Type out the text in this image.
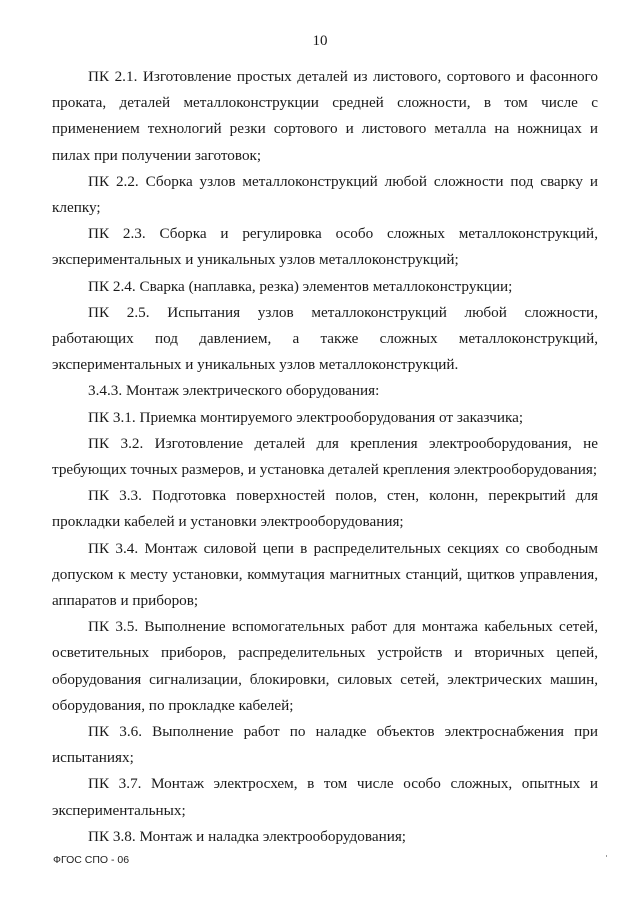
10

ПК 2.1. Изготовление простых деталей из листового, сортового и фасонного проката, деталей металлоконструкции средней сложности, в том числе с применением технологий резки сортового и листового металла на ножницах и пилах при получении заготовок;

ПК 2.2. Сборка узлов металлоконструкций любой сложности под сварку и клепку;

ПК 2.3. Сборка и регулировка особо сложных металлоконструкций, экспериментальных и уникальных узлов металлоконструкций;

ПК 2.4. Сварка (наплавка, резка) элементов металлоконструкции;

ПК 2.5. Испытания узлов металлоконструкций любой сложности, работающих под давлением, а также сложных металлоконструкций, экспериментальных и уникальных узлов металлоконструкций.

3.4.3. Монтаж электрического оборудования:

ПК 3.1. Приемка монтируемого электрооборудования от заказчика;

ПК 3.2. Изготовление деталей для крепления электрооборудования, не требующих точных размеров, и установка деталей крепления электрооборудования;

ПК 3.3. Подготовка поверхностей полов, стен, колонн, перекрытий для прокладки кабелей и установки электрооборудования;

ПК 3.4. Монтаж силовой цепи в распределительных секциях со свободным допуском к месту установки, коммутация магнитных станций, щитков управления, аппаратов и приборов;

ПК 3.5. Выполнение вспомогательных работ для монтажа кабельных сетей, осветительных приборов, распределительных устройств и вторичных цепей, оборудования сигнализации, блокировки, силовых сетей, электрических машин, оборудования, по прокладке кабелей;

ПК 3.6. Выполнение работ по наладке объектов электроснабжения при испытаниях;

ПК 3.7. Монтаж электросхем, в том числе особо сложных, опытных и экспериментальных;

ПК 3.8. Монтаж и наладка электрооборудования;

ФГОС СПО - 06
